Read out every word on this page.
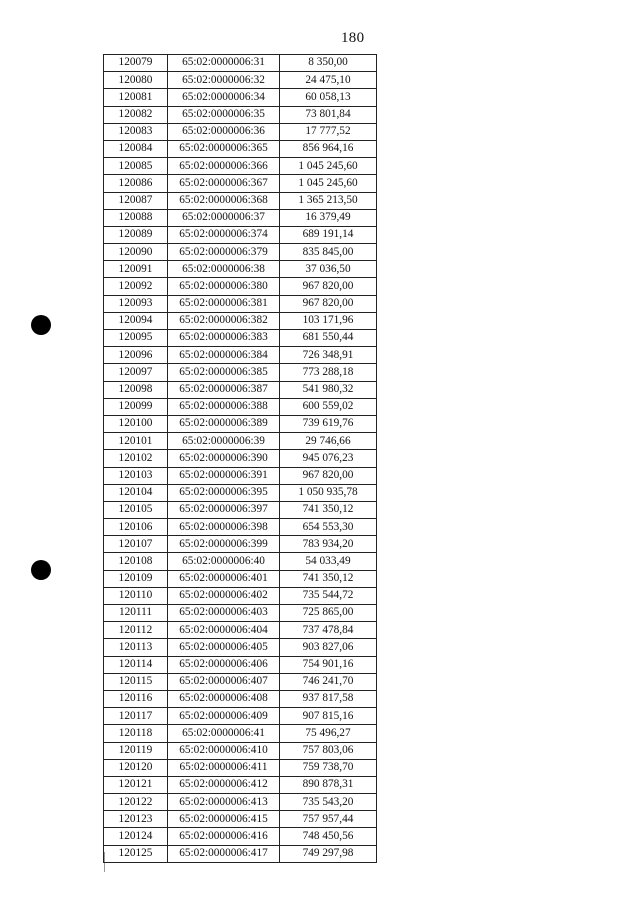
180
120079	65:02:0000006:31	8 350,00
120080	65:02:0000006:32	24 475,10
120081	65:02:0000006:34	60 058,13
120082	65:02:0000006:35	73 801,84
120083	65:02:0000006:36	17 777,52
120084	65:02:0000006:365	856 964,16
120085	65:02:0000006:366	1 045 245,60
120086	65:02:0000006:367	1 045 245,60
120087	65:02:0000006:368	1 365 213,50
120088	65:02:0000006:37	16 379,49
120089	65:02:0000006:374	689 191,14
120090	65:02:0000006:379	835 845,00
120091	65:02:0000006:38	37 036,50
120092	65:02:0000006:380	967 820,00
120093	65:02:0000006:381	967 820,00
120094	65:02:0000006:382	103 171,96
120095	65:02:0000006:383	681 550,44
120096	65:02:0000006:384	726 348,91
120097	65:02:0000006:385	773 288,18
120098	65:02:0000006:387	541 980,32
120099	65:02:0000006:388	600 559,02
120100	65:02:0000006:389	739 619,76
120101	65:02:0000006:39	29 746,66
120102	65:02:0000006:390	945 076,23
120103	65:02:0000006:391	967 820,00
120104	65:02:0000006:395	1 050 935,78
120105	65:02:0000006:397	741 350,12
120106	65:02:0000006:398	654 553,30
120107	65:02:0000006:399	783 934,20
120108	65:02:0000006:40	54 033,49
120109	65:02:0000006:401	741 350,12
120110	65:02:0000006:402	735 544,72
120111	65:02:0000006:403	725 865,00
120112	65:02:0000006:404	737 478,84
120113	65:02:0000006:405	903 827,06
120114	65:02:0000006:406	754 901,16
120115	65:02:0000006:407	746 241,70
120116	65:02:0000006:408	937 817,58
120117	65:02:0000006:409	907 815,16
120118	65:02:0000006:41	75 496,27
120119	65:02:0000006:410	757 803,06
120120	65:02:0000006:411	759 738,70
120121	65:02:0000006:412	890 878,31
120122	65:02:0000006:413	735 543,20
120123	65:02:0000006:415	757 957,44
120124	65:02:0000006:416	748 450,56
120125	65:02:0000006:417	749 297,98
